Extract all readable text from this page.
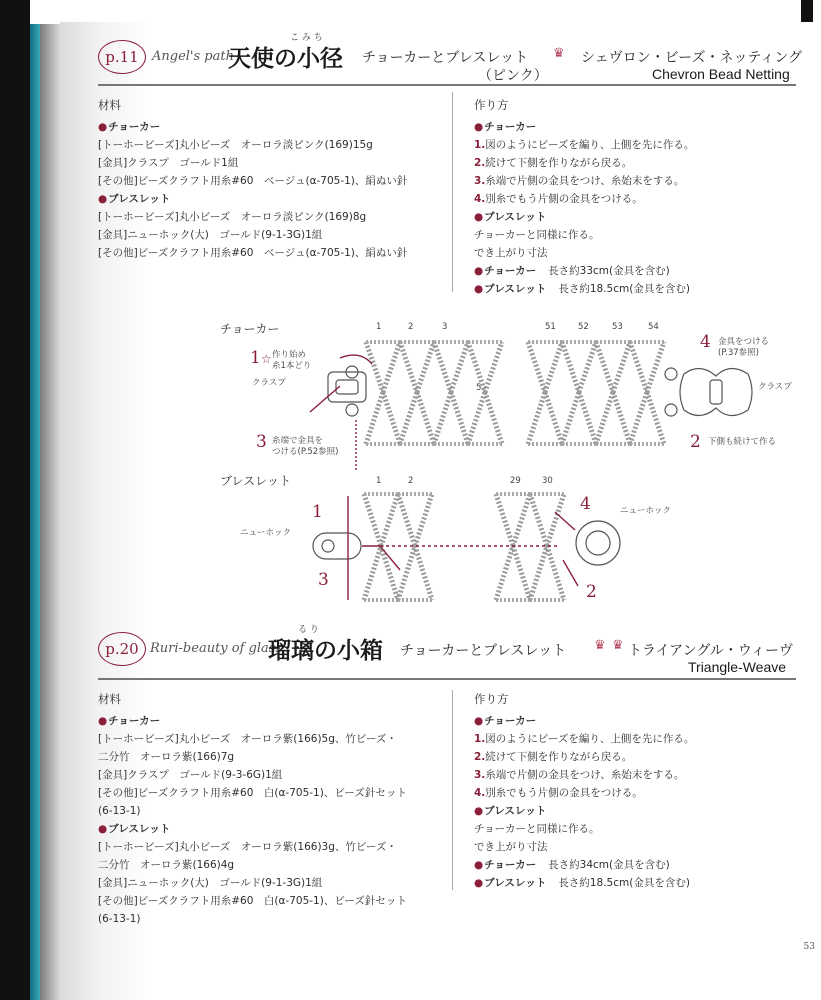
p.11 Angel's path
こ み ち
天使の小径 チョーカーとブレスレット
（ピンク）
♛ シェヴロン・ビーズ・ネッティング
Chevron Bead Netting
材料
● チョーカー
[トーホービーズ]丸小ビーズ　オーロラ淡ピンク(169)15g
[金具]クラスプ　ゴールド1組
[その他]ビーズクラフト用糸#60　ベージュ(α-705-1)、絹ぬい針
● ブレスレット
[トーホービーズ]丸小ビーズ　オーロラ淡ピンク(169)8g
[金具]ニューホック(大)　ゴールド(9-1-3G)1組
[その他]ビーズクラフト用糸#60　ベージュ(α-705-1)、絹ぬい針
作り方
● チョーカー
1.図のようにビーズを編り、上側を先に作る。
2.続けて下側を作りながら戻る。
3.糸端で片側の金具をつけ、糸始末をする。
4.別糸でもう片側の金具をつける。
● ブレスレット
チョーカーと同様に作る。
でき上がり寸法
● チョーカー 長さ約33cm(金具を含む)
● ブレスレット 長さ約18.5cm(金具を含む)
チョーカー
ブレスレット
1	2	3	51	52	53	54
1	2	29 30
1☆ 作り始め
糸1本どり
クラスプ
3 糸端で金具を
つける(P.52参照)
5
4 金具をつける
(P.37参照)
クラスプ
2 下側も続けて作る
1
ニューホック
3
4	ニューホック
2
p.20 Ruri-beauty of glass
る り
瑠璃の小箱 チョーカーとブレスレット ♛ ♛ トライアングル・ウィーヴ
Triangle-Weave
材料
● チョーカー
[トーホービーズ]丸小ビーズ　オーロラ紫(166)5g、竹ビーズ・
二分竹　オーロラ紫(166)7g
[金具]クラスプ　ゴールド(9-3-6G)1組
[その他]ビーズクラフト用糸#60　白(α-705-1)、ビーズ針セット
(6-13-1)
● ブレスレット
[トーホービーズ]丸小ビーズ　オーロラ紫(166)3g、竹ビーズ・
二分竹　オーロラ紫(166)4g
[金具]ニューホック(大)　ゴールド(9-1-3G)1組
[その他]ビーズクラフト用糸#60　白(α-705-1)、ビーズ針セット
(6-13-1)
作り方
● チョーカー
1.図のようにビーズを編り、上側を先に作る。
2.続けて下側を作りながら戻る。
3.糸端で片側の金具をつけ、糸始末をする。
4.別糸でもう片側の金具をつける。
● ブレスレット
チョーカーと同様に作る。
でき上がり寸法
● チョーカー 長さ約34cm(金具を含む)
● ブレスレット 長さ約18.5cm(金具を含む)
53
